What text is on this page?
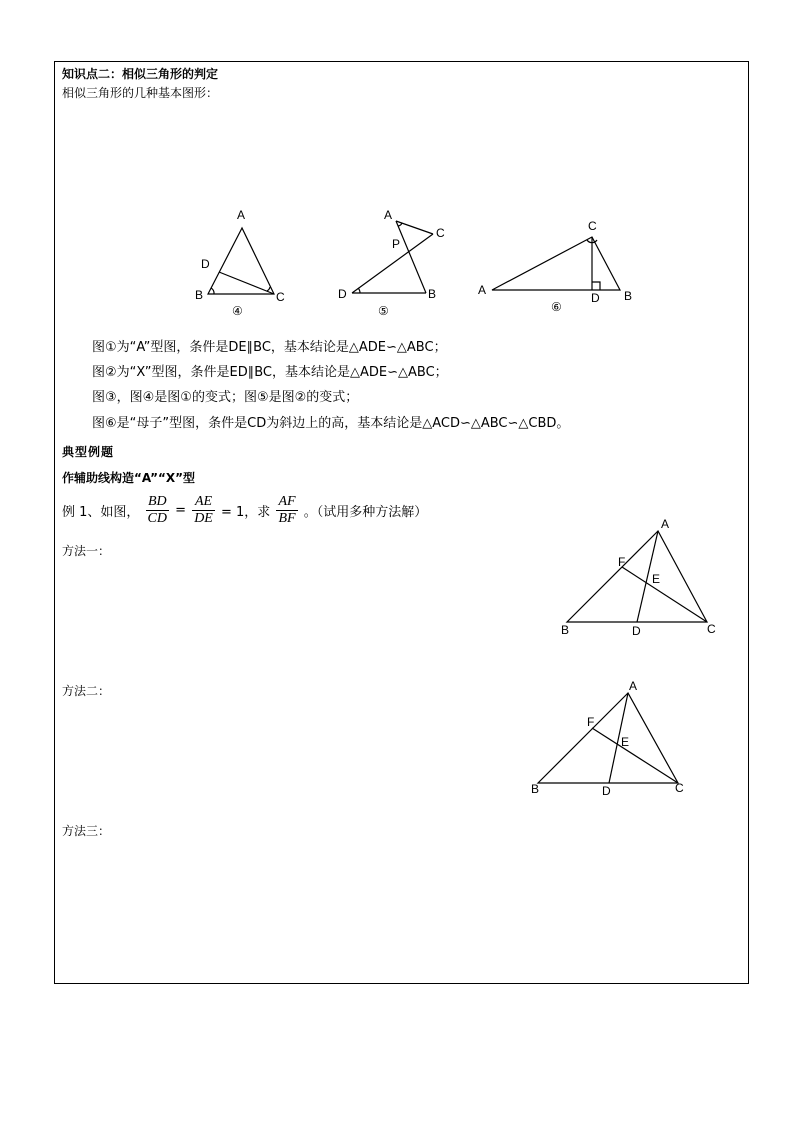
知识点二：相似三角形的判定
相似三角形的几种基本图形：
A
D
B	C
④
A
C
P
D	B
⑤
C
A
D B
⑥
图①为“A”型图，条件是DE∥BC，基本结论是△ADE∽△ABC；
图②为“X”型图，条件是ED∥BC，基本结论是△ADE∽△ABC；
图③，图④是图①的变式；图⑤是图②的变式；
图⑥是“母子”型图，条件是CD为斜边上的高，基本结论是△ACD∽△ABC∽△CBD。
典型例题
作辅助线构造“A”“X”型
例 1、如图， $\frac{BD}{CD} = \frac{AE}{DE} = 1$，求 $\frac{AF}{BF}$ 。（试用多种方法解）
方法一：
方法二：
方法三：
A
F
E
B	D	C
A
F
E
B	D	C
